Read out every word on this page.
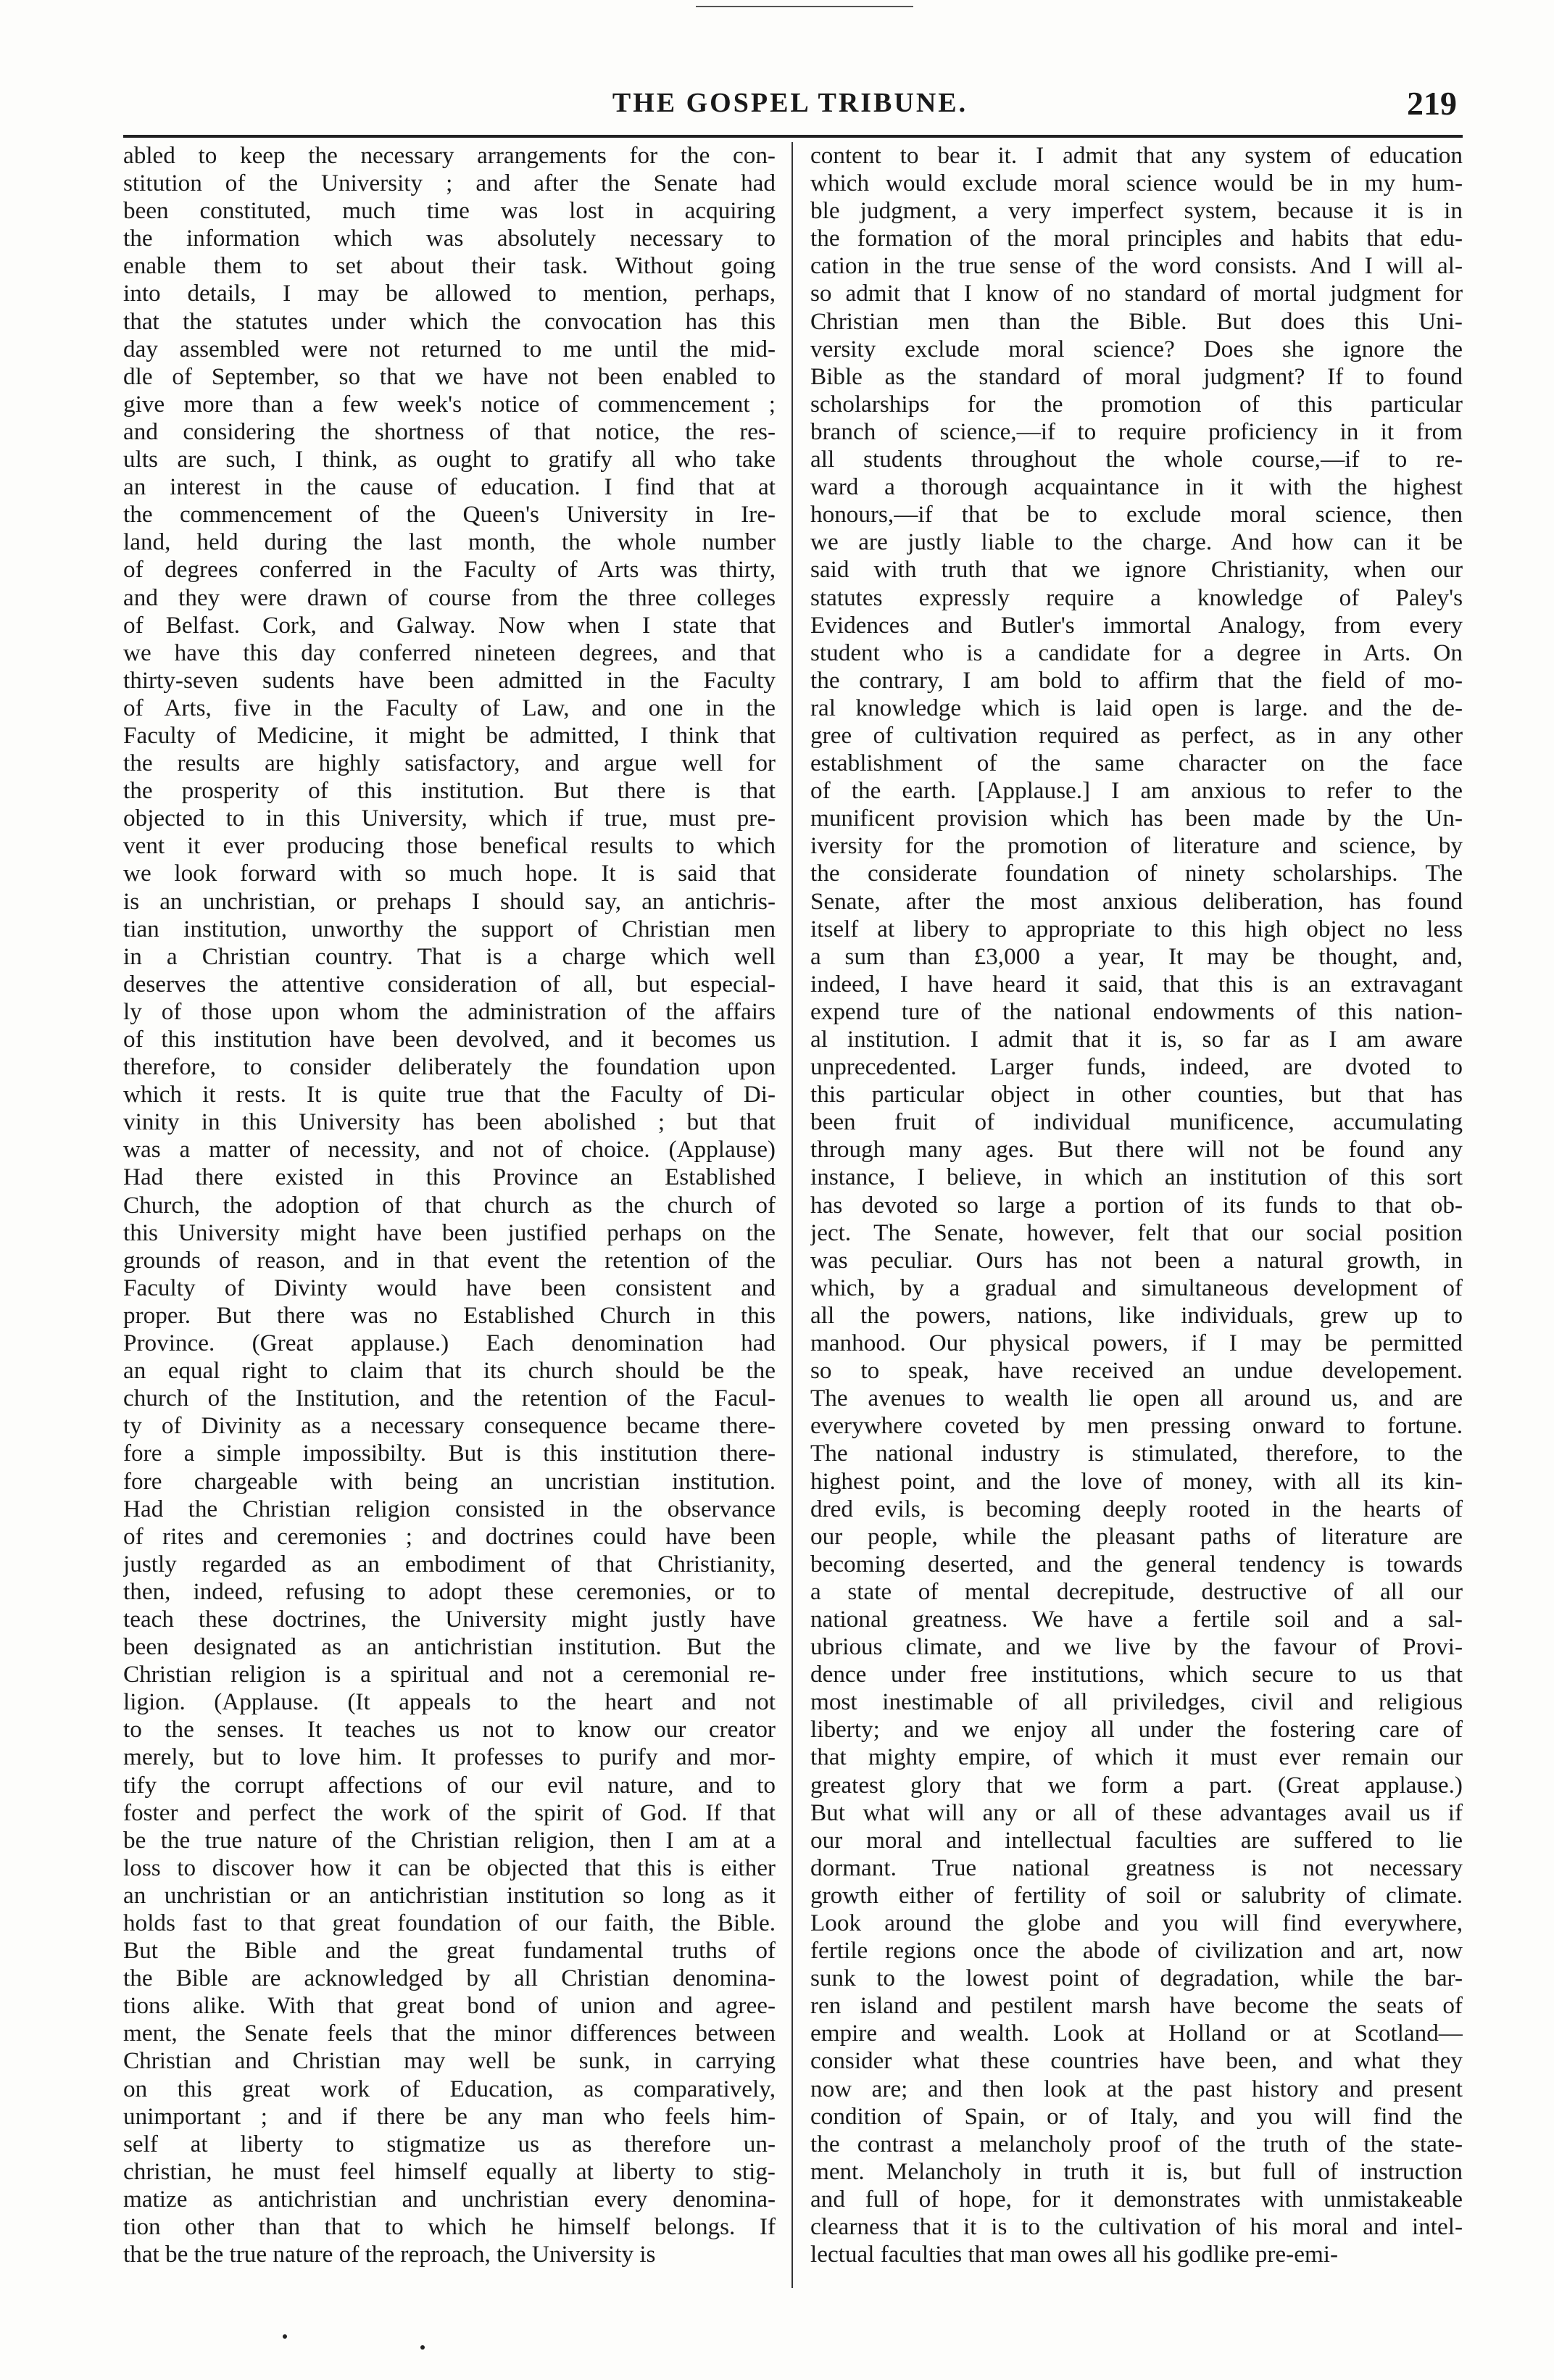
THE GOSPEL TRIBUNE.	219
abled to keep the necessary arrangements for the con-
stitution of the University ; and after the Senate had
been constituted, much time was lost in acquiring
the information which was absolutely necessary to
enable them to set about their task. Without going
into details, I may be allowed to mention, perhaps,
that the statutes under which the convocation has this
day assembled were not returned to me until the mid-
dle of September, so that we have not been enabled to
give more than a few week's notice of commencement ;
and considering the shortness of that notice, the res-
ults are such, I think, as ought to gratify all who take
an interest in the cause of education. I find that at
the commencement of the Queen's University in Ire-
land, held during the last month, the whole number
of degrees conferred in the Faculty of Arts was thirty,
and they were drawn of course from the three colleges
of Belfast. Cork, and Galway. Now when I state that
we have this day conferred nineteen degrees, and that
thirty-seven sudents have been admitted in the Faculty
of Arts, five in the Faculty of Law, and one in the
Faculty of Medicine, it might be admitted, I think that
the results are highly satisfactory, and argue well for
the prosperity of this institution. But there is that
objected to in this University, which if true, must pre-
vent it ever producing those benefical results to which
we look forward with so much hope. It is said that
is an unchristian, or prehaps I should say, an antichris-
tian institution, unworthy the support of Christian men
in a Christian country. That is a charge which well
deserves the attentive consideration of all, but especial-
ly of those upon whom the administration of the affairs
of this institution have been devolved, and it becomes us
therefore, to consider deliberately the foundation upon
which it rests. It is quite true that the Faculty of Di-
vinity in this University has been abolished ; but that
was a matter of necessity, and not of choice. (Applause)
Had there existed in this Province an Established
Church, the adoption of that church as the church of
this University might have been justified perhaps on the
grounds of reason, and in that event the retention of the
Faculty of Divinty would have been consistent and
proper. But there was no Established Church in this
Province. (Great applause.) Each denomination had
an equal right to claim that its church should be the
church of the Institution, and the retention of the Facul-
ty of Divinity as a necessary consequence became there-
fore a simple impossibilty. But is this institution there-
fore chargeable with being an uncristian institution.
Had the Christian religion consisted in the observance
of rites and ceremonies ; and doctrines could have been
justly regarded as an embodiment of that Christianity,
then, indeed, refusing to adopt these ceremonies, or to
teach these doctrines, the University might justly have
been designated as an antichristian institution. But the
Christian religion is a spiritual and not a ceremonial re-
ligion. (Applause. (It appeals to the heart and not
to the senses. It teaches us not to know our creator
merely, but to love him. It professes to purify and mor-
tify the corrupt affections of our evil nature, and to
foster and perfect the work of the spirit of God. If that
be the true nature of the Christian religion, then I am at a
loss to discover how it can be objected that this is either
an unchristian or an antichristian institution so long as it
holds fast to that great foundation of our faith, the Bible.
But the Bible and the great fundamental truths of
the Bible are acknowledged by all Christian denomina-
tions alike. With that great bond of union and agree-
ment, the Senate feels that the minor differences between
Christian and Christian may well be sunk, in carrying
on this great work of Education, as comparatively,
unimportant ; and if there be any man who feels him-
self at liberty to stigmatize us as therefore un-
christian, he must feel himself equally at liberty to stig-
matize as antichristian and unchristian every denomina-
tion other than that to which he himself belongs. If
that be the true nature of the reproach, the University is
content to bear it. I admit that any system of education
which would exclude moral science would be in my hum-
ble judgment, a very imperfect system, because it is in
the formation of the moral principles and habits that edu-
cation in the true sense of the word consists. And I will al-
so admit that I know of no standard of mortal judgment for
Christian men than the Bible. But does this Uni-
versity exclude moral science? Does she ignore the
Bible as the standard of moral judgment? If to found
scholarships for the promotion of this particular
branch of science,—if to require proficiency in it from
all students throughout the whole course,—if to re-
ward a thorough acquaintance in it with the highest
honours,—if that be to exclude moral science, then
we are justly liable to the charge. And how can it be
said with truth that we ignore Christianity, when our
statutes expressly require a knowledge of Paley's
Evidences and Butler's immortal Analogy, from every
student who is a candidate for a degree in Arts. On
the contrary, I am bold to affirm that the field of mo-
ral knowledge which is laid open is large. and the de-
gree of cultivation required as perfect, as in any other
establishment of the same character on the face
of the earth. [Applause.] I am anxious to refer to the
munificent provision which has been made by the Un-
iversity for the promotion of literature and science, by
the considerate foundation of ninety scholarships. The
Senate, after the most anxious deliberation, has found
itself at libery to appropriate to this high object no less
a sum than £3,000 a year, It may be thought, and,
indeed, I have heard it said, that this is an extravagant
expend ture of the national endowments of this nation-
al institution. I admit that it is, so far as I am aware
unprecedented. Larger funds, indeed, are dvoted to
this particular object in other counties, but that has
been fruit of individual munificence, accumulating
through many ages. But there will not be found any
instance, I believe, in which an institution of this sort
has devoted so large a portion of its funds to that ob-
ject. The Senate, however, felt that our social position
was peculiar. Ours has not been a natural growth, in
which, by a gradual and simultaneous development of
all the powers, nations, like individuals, grew up to
manhood. Our physical powers, if I may be permitted
so to speak, have received an undue developement.
The avenues to wealth lie open all around us, and are
everywhere coveted by men pressing onward to fortune.
The national industry is stimulated, therefore, to the
highest point, and the love of money, with all its kin-
dred evils, is becoming deeply rooted in the hearts of
our people, while the pleasant paths of literature are
becoming deserted, and the general tendency is towards
a state of mental decrepitude, destructive of all our
national greatness. We have a fertile soil and a sal-
ubrious climate, and we live by the favour of Provi-
dence under free institutions, which secure to us that
most inestimable of all priviledges, civil and religious
liberty; and we enjoy all under the fostering care of
that mighty empire, of which it must ever remain our
greatest glory that we form a part. (Great applause.)
But what will any or all of these advantages avail us if
our moral and intellectual faculties are suffered to lie
dormant. True national greatness is not necessary
growth either of fertility of soil or salubrity of climate.
Look around the globe and you will find everywhere,
fertile regions once the abode of civilization and art, now
sunk to the lowest point of degradation, while the bar-
ren island and pestilent marsh have become the seats of
empire and wealth. Look at Holland or at Scotland—
consider what these countries have been, and what they
now are; and then look at the past history and present
condition of Spain, or of Italy, and you will find the
the contrast a melancholy proof of the truth of the state-
ment. Melancholy in truth it is, but full of instruction
and full of hope, for it demonstrates with unmistakeable
clearness that it is to the cultivation of his moral and intel-
lectual faculties that man owes all his godlike pre-emi-
